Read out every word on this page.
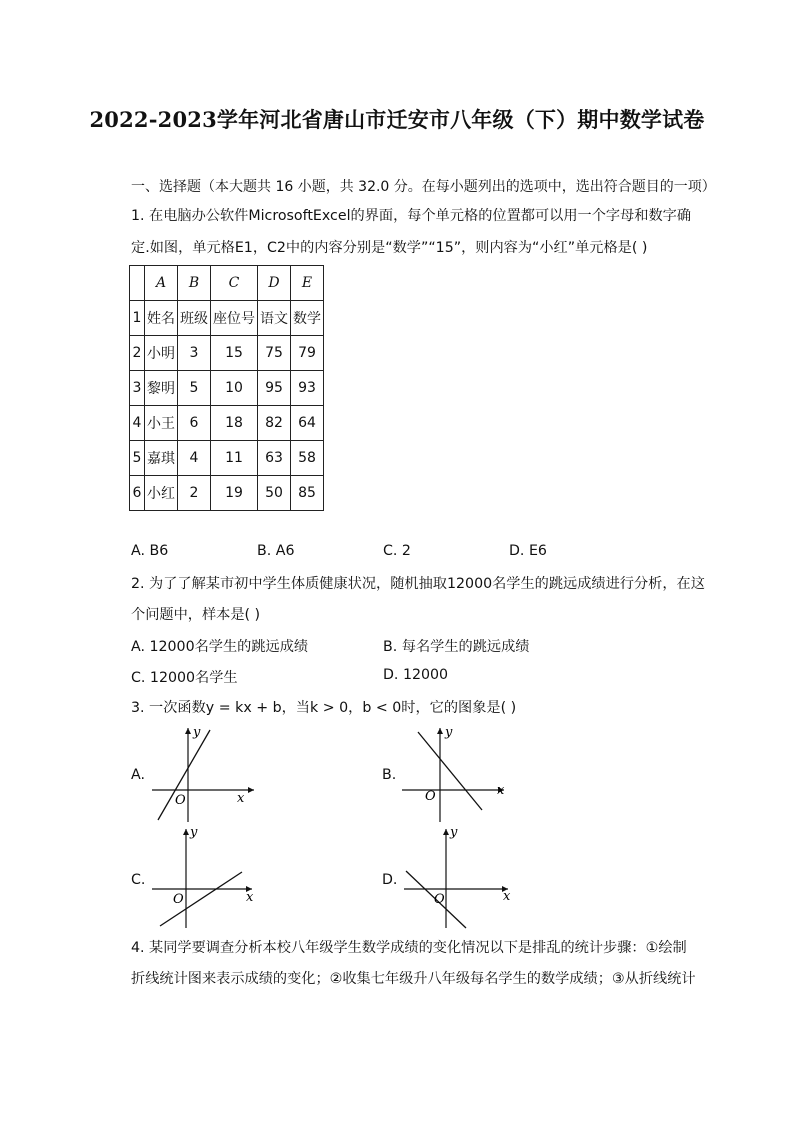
2022-2023学年河北省唐山市迁安市八年级（下）期中数学试卷
一、选择题（本大题共 16 小题，共 32.0 分。在每小题列出的选项中，选出符合题目的一项）
1. 在电脑办公软件MicrosoftExcel的界面，每个单元格的位置都可以用一个字母和数字确
定.如图，单元格E1，C2中的内容分别是“数学”“15”，则内容为“小红”单元格是( )
	A	B	C	D	E
1	姓名	班级	座位号	语文	数学
2	小明	3	15	75	79
3	黎明	5	10	95	93
4	小王	6	18	82	64
5	嘉琪	4	11	63	58
6	小红	2	19	50	85
A. B6	B. A6	C. 2	D. E6
2. 为了了解某市初中学生体质健康状况，随机抽取12000名学生的跳远成绩进行分析，在这
个问题中，样本是( )
A. 12000名学生的跳远成绩	B. 每名学生的跳远成绩
C. 12000名学生	D. 12000
3. 一次函数y = kx + b，当k > 0，b < 0时，它的图象是( )
A.	B.
C.	D.
x
y
O
x
y
O
x
y
O	x
y
O
4. 某同学要调查分析本校八年级学生数学成绩的变化情况以下是排乱的统计步骤：①绘制
折线统计图来表示成绩的变化；②收集七年级升八年级每名学生的数学成绩；③从折线统计
